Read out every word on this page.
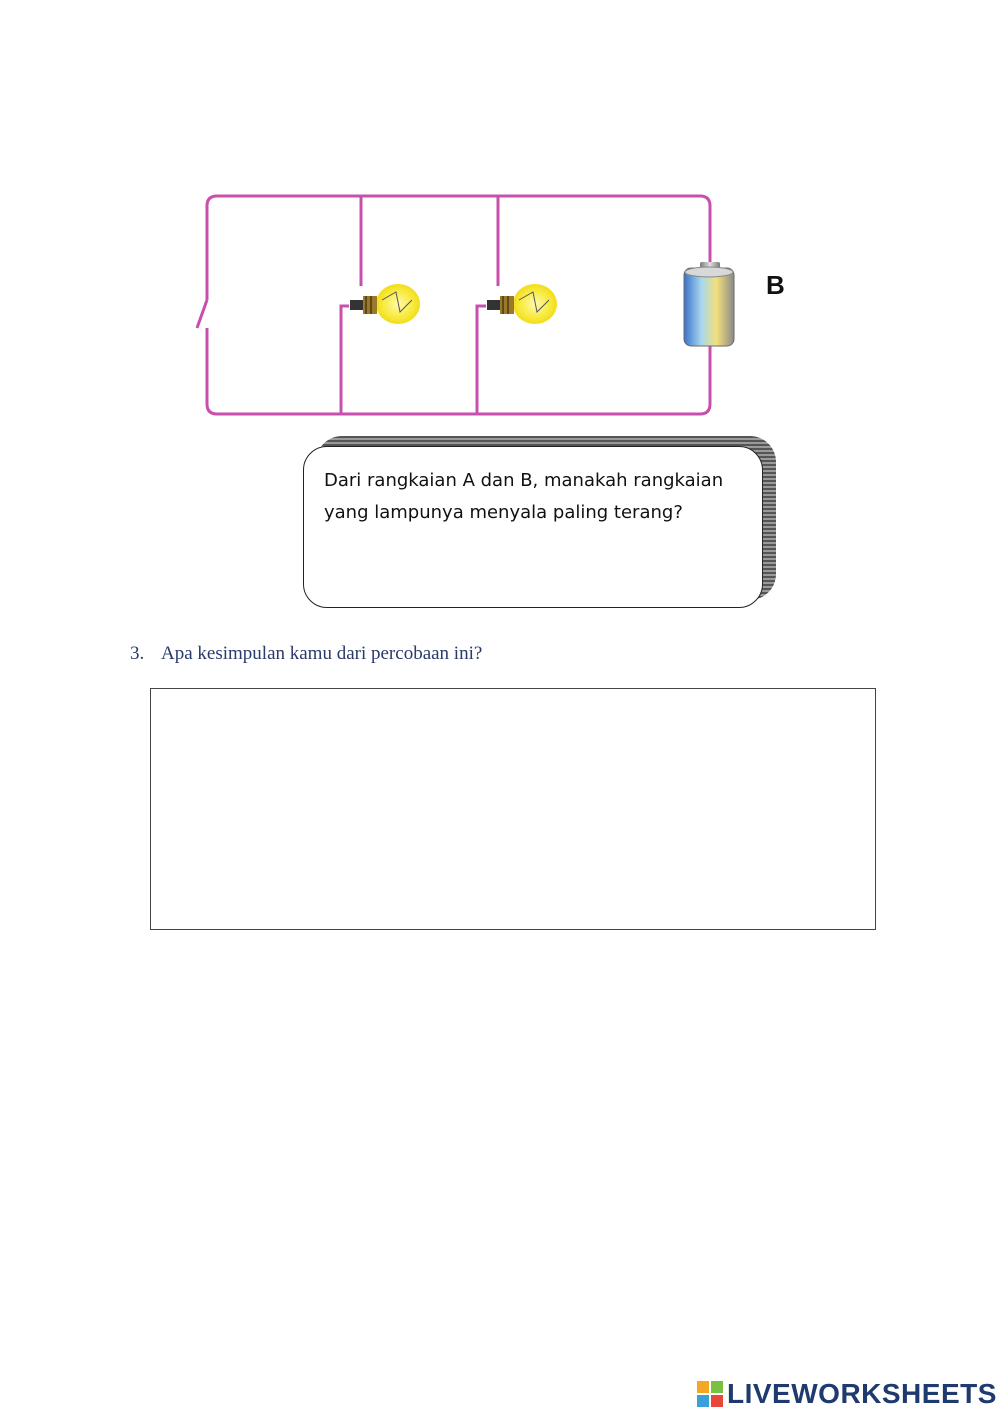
B

Dari rangkaian A dan B, manakah rangkaian yang lampunya menyala paling terang?

3. Apa kesimpulan kamu dari percobaan ini?
LIVEWORKSHEETS
